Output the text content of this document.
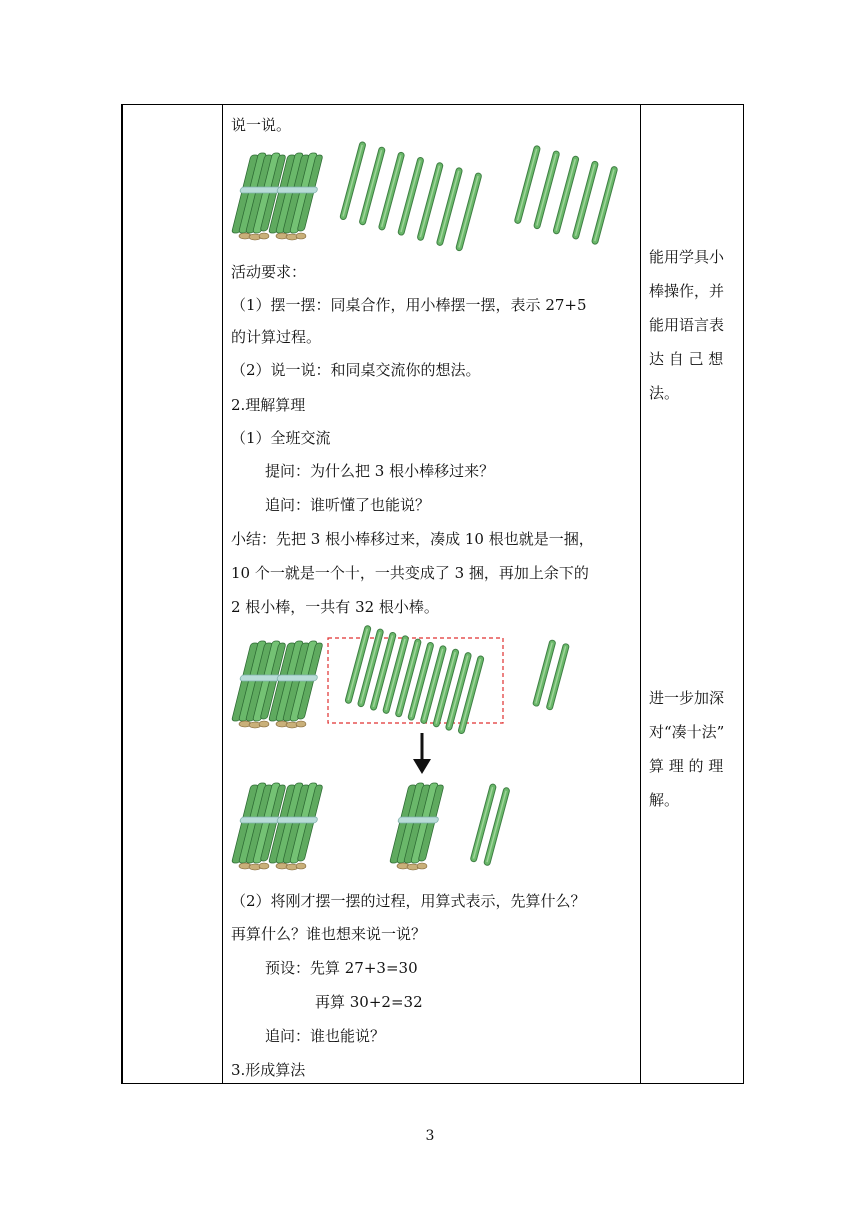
说一说。
活动要求：
（1）摆一摆：同桌合作，用小棒摆一摆，表示 27+5
的计算过程。
（2）说一说：和同桌交流你的想法。
2.理解算理
（1）全班交流
提问：为什么把 3 根小棒移过来？
追问：谁听懂了也能说？
小结：先把 3 根小棒移过来，凑成 10 根也就是一捆，
10 个一就是一个十，一共变成了 3 捆，再加上余下的
2 根小棒，一共有 32 根小棒。
（2）将刚才摆一摆的过程，用算式表示，先算什么？
再算什么？谁也想来说一说？
预设：先算 27+3=30
再算 30+2=32
追问：谁也能说？
3.形成算法
能用学具小
棒操作，并
能用语言表
达 自 己 想
法。
进一步加深
对“凑十法”
算 理 的 理
解。
3
